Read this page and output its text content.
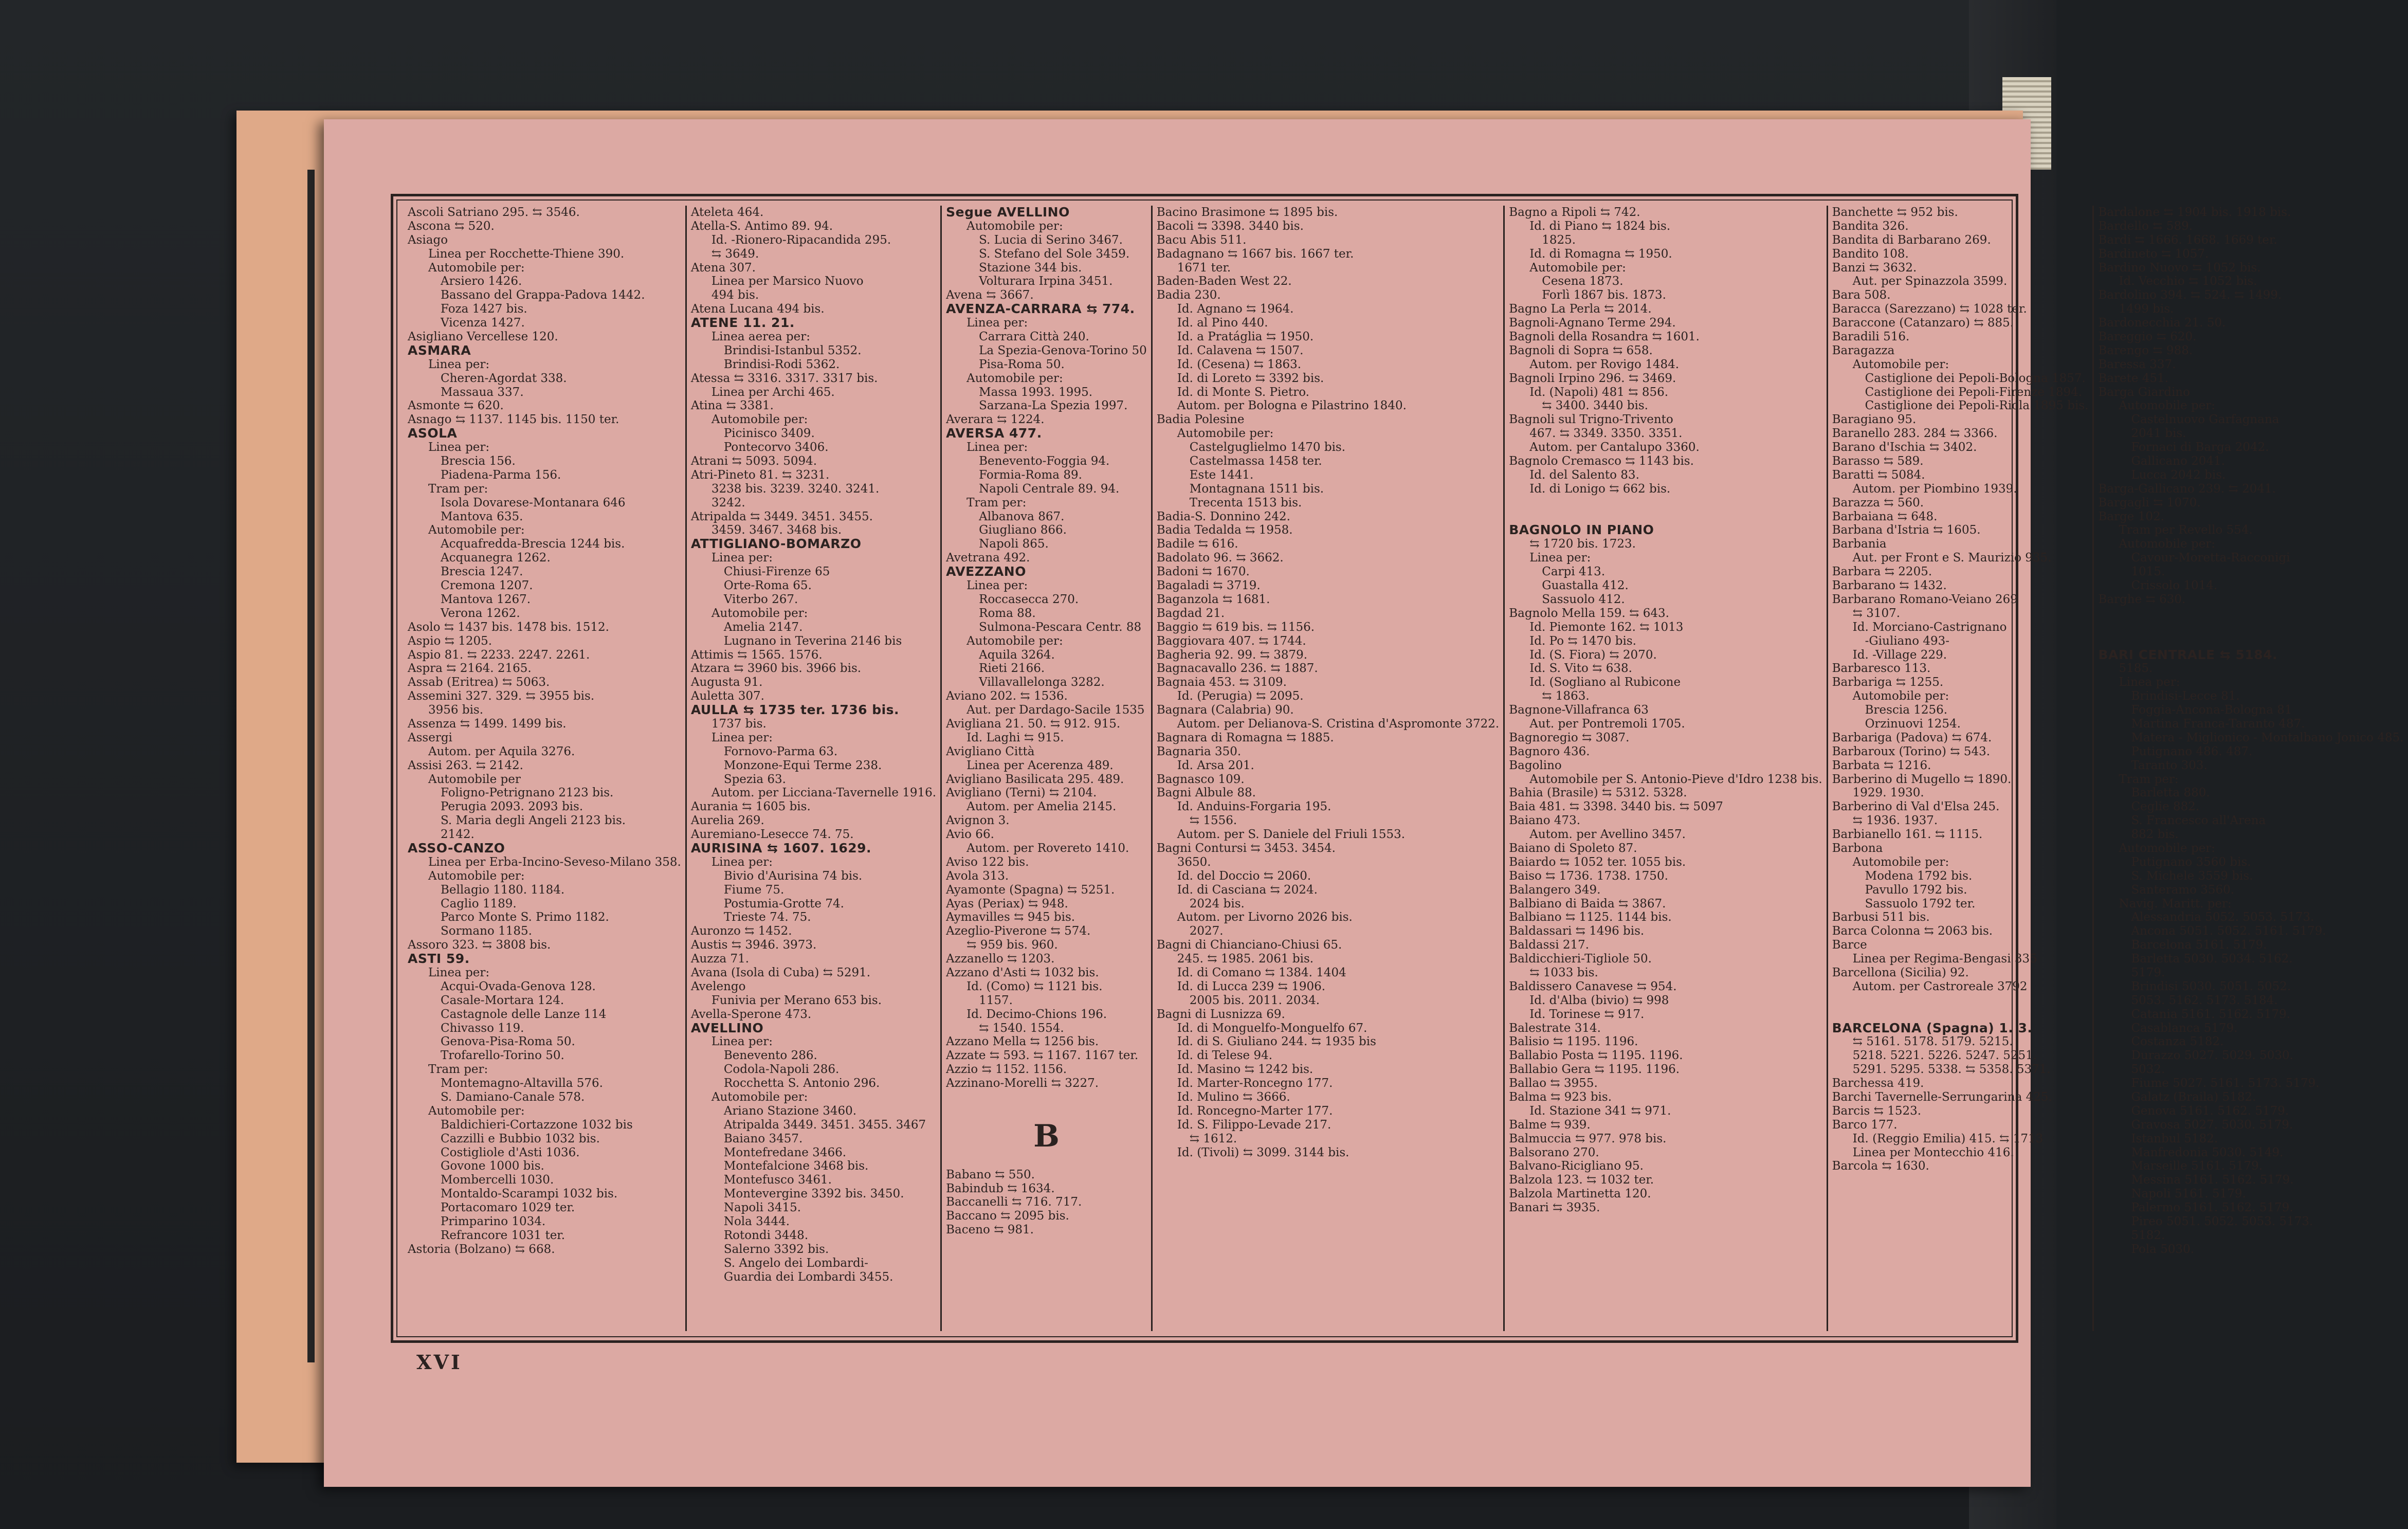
Ascoli Satriano 295. ⇆ 3546.
Ascona ⇆ 520.
Asiago
Linea per Rocchette-Thiene 390.
Automobile per:
Arsiero 1426.
Bassano del Grappa-Padova 1442.
Foza 1427 bis.
Vicenza 1427.
Asigliano Vercellese 120.
ASMARA
Linea per:
Cheren-Agordat 338.
Massaua 337.
Asmonte ⇆ 620.
Asnago ⇆ 1137. 1145 bis. 1150 ter.
ASOLA
Linea per:
Brescia 156.
Piadena-Parma 156.
Tram per:
Isola Dovarese-Montanara 646
Mantova 635.
Automobile per:
Acquafredda-Brescia 1244 bis.
Acquanegra 1262.
Brescia 1247.
Cremona 1207.
Mantova 1267.
Verona 1262.
Asolo ⇆ 1437 bis. 1478 bis. 1512.
Aspio ⇆ 1205.
Aspio 81. ⇆ 2233. 2247. 2261.
Aspra ⇆ 2164. 2165.
Assab (Eritrea) ⇆ 5063.
Assemini 327. 329. ⇆ 3955 bis.
3956 bis.
Assenza ⇆ 1499. 1499 bis.
Assergi
Autom. per Aquila 3276.
Assisi 263. ⇆ 2142.
Automobile per
Foligno-Petrignano 2123 bis.
Perugia 2093. 2093 bis.
S. Maria degli Angeli 2123 bis.
2142.
ASSO-CANZO
Linea per Erba-Incino-Seveso-Milano 358.
Automobile per:
Bellagio 1180. 1184.
Caglio 1189.
Parco Monte S. Primo 1182.
Sormano 1185.
Assoro 323. ⇆ 3808 bis.
ASTI 59.
Linea per:
Acqui-Ovada-Genova 128.
Casale-Mortara 124.
Castagnole delle Lanze 114
Chivasso 119.
Genova-Pisa-Roma 50.
Trofarello-Torino 50.
Tram per:
Montemagno-Altavilla 576.
S. Damiano-Canale 578.
Automobile per:
Baldichieri-Cortazzone 1032 bis
Cazzilli e Bubbio 1032 bis.
Costigliole d'Asti 1036.
Govone 1000 bis.
Mombercelli 1030.
Montaldo-Scarampi 1032 bis.
Portacomaro 1029 ter.
Primparino 1034.
Refrancore 1031 ter.
Astoria (Bolzano) ⇆ 668.
Ateleta 464.
Atella-S. Antimo 89. 94.
Id. -Rionero-Ripacandida 295.
⇆ 3649.
Atena 307.
Linea per Marsico Nuovo
494 bis.
Atena Lucana 494 bis.
ATENE 11. 21.
Linea aerea per:
Brindisi-Istanbul 5352.
Brindisi-Rodi 5362.
Atessa ⇆ 3316. 3317. 3317 bis.
Linea per Archi 465.
Atina ⇆ 3381.
Automobile per:
Picinisco 3409.
Pontecorvo 3406.
Atrani ⇆ 5093. 5094.
Atri-Pineto 81. ⇆ 3231.
3238 bis. 3239. 3240. 3241.
3242.
Atripalda ⇆ 3449. 3451. 3455.
3459. 3467. 3468 bis.
ATTIGLIANO-BOMARZO
Linea per:
Chiusi-Firenze 65
Orte-Roma 65.
Viterbo 267.
Automobile per:
Amelia 2147.
Lugnano in Teverina 2146 bis
Attimis ⇆ 1565. 1576.
Atzara ⇆ 3960 bis. 3966 bis.
Augusta 91.
Auletta 307.
AULLA ⇆ 1735 ter. 1736 bis.
1737 bis.
Linea per:
Fornovo-Parma 63.
Monzone-Equi Terme 238.
Spezia 63.
Autom. per Licciana-Tavernelle 1916.
Aurania ⇆ 1605 bis.
Aurelia 269.
Auremiano-Lesecce 74. 75.
AURISINA ⇆ 1607. 1629.
Linea per:
Bivio d'Aurisina 74 bis.
Fiume 75.
Postumia-Grotte 74.
Trieste 74. 75.
Auronzo ⇆ 1452.
Austis ⇆ 3946. 3973.
Auzza 71.
Avana (Isola di Cuba) ⇆ 5291.
Avelengo
Funivia per Merano 653 bis.
Avella-Sperone 473.
AVELLINO
Linea per:
Benevento 286.
Codola-Napoli 286.
Rocchetta S. Antonio 296.
Automobile per:
Ariano Stazione 3460.
Atripalda 3449. 3451. 3455. 3467
Baiano 3457.
Montefredane 3466.
Montefalcione 3468 bis.
Montefusco 3461.
Montevergine 3392 bis. 3450.
Napoli 3415.
Nola 3444.
Rotondi 3448.
Salerno 3392 bis.
S. Angelo dei Lombardi-
Guardia dei Lombardi 3455.
Segue AVELLINO
Automobile per:
S. Lucia di Serino 3467.
S. Stefano del Sole 3459.
Stazione 344 bis.
Volturara Irpina 3451.
Avena ⇆ 3667.
AVENZA-CARRARA ⇆ 774.
Linea per:
Carrara Città 240.
La Spezia-Genova-Torino 50
Pisa-Roma 50.
Automobile per:
Massa 1993. 1995.
Sarzana-La Spezia 1997.
Averara ⇆ 1224.
AVERSA 477.
Linea per:
Benevento-Foggia 94.
Formia-Roma 89.
Napoli Centrale 89. 94.
Tram per:
Albanova 867.
Giugliano 866.
Napoli 865.
Avetrana 492.
AVEZZANO
Linea per:
Roccasecca 270.
Roma 88.
Sulmona-Pescara Centr. 88
Automobile per:
Aquila 3264.
Rieti 2166.
Villavallelonga 3282.
Aviano 202. ⇆ 1536.
Aut. per Dardago-Sacile 1535
Avigliana 21. 50. ⇆ 912. 915.
Id. Laghi ⇆ 915.
Avigliano Città
Linea per Acerenza 489.
Avigliano Basilicata 295. 489.
Avigliano (Terni) ⇆ 2104.
Autom. per Amelia 2145.
Avignon 3.
Avio 66.
Autom. per Rovereto 1410.
Aviso 122 bis.
Avola 313.
Ayamonte (Spagna) ⇆ 5251.
Ayas (Periax) ⇆ 948.
Aymavilles ⇆ 945 bis.
Azeglio-Piverone ⇆ 574.
⇆ 959 bis. 960.
Azzanello ⇆ 1203.
Azzano d'Asti ⇆ 1032 bis.
Id. (Como) ⇆ 1121 bis.
1157.
Id. Decimo-Chions 196.
⇆ 1540. 1554.
Azzano Mella ⇆ 1256 bis.
Azzate ⇆ 593. ⇆ 1167. 1167 ter.
Azzio ⇆ 1152. 1156.
Azzinano-Morelli ⇆ 3227.
B
Babano ⇆ 550.
Babindub ⇆ 1634.
Baccanelli ⇆ 716. 717.
Baccano ⇆ 2095 bis.
Baceno ⇆ 981.
Bacino Brasimone ⇆ 1895 bis.
Bacoli ⇆ 3398. 3440 bis.
Bacu Abis 511.
Badagnano ⇆ 1667 bis. 1667 ter.
1671 ter.
Baden-Baden West 22.
Badia 230.
Id. Agnano ⇆ 1964.
Id. al Pino 440.
Id. a Pratáglia ⇆ 1950.
Id. Calavena ⇆ 1507.
Id. (Cesena) ⇆ 1863.
Id. di Loreto ⇆ 3392 bis.
Id. di Monte S. Pietro.
Autom. per Bologna e Pilastrino 1840.
Badia Polesine
Automobile per:
Castelguglielmo 1470 bis.
Castelmassa 1458 ter.
Este 1441.
Montagnana 1511 bis.
Trecenta 1513 bis.
Badia-S. Donnino 242.
Badia Tedalda ⇆ 1958.
Badile ⇆ 616.
Badolato 96. ⇆ 3662.
Badoni ⇆ 1670.
Bagaladi ⇆ 3719.
Baganzola ⇆ 1681.
Bagdad 21.
Baggio ⇆ 619 bis. ⇆ 1156.
Baggiovara 407. ⇆ 1744.
Bagheria 92. 99. ⇆ 3879.
Bagnacavallo 236. ⇆ 1887.
Bagnaia 453. ⇆ 3109.
Id. (Perugia) ⇆ 2095.
Bagnara (Calabria) 90.
Autom. per Delianova-S. Cristina d'Aspromonte 3722.
Bagnara di Romagna ⇆ 1885.
Bagnaria 350.
Id. Arsa 201.
Bagnasco 109.
Bagni Albule 88.
Id. Anduins-Forgaria 195.
⇆ 1556.
Autom. per S. Daniele del Friuli 1553.
Bagni Contursi ⇆ 3453. 3454.
3650.
Id. del Doccio ⇆ 2060.
Id. di Casciana ⇆ 2024.
2024 bis.
Autom. per Livorno 2026 bis.
2027.
Bagni di Chianciano-Chiusi 65.
245. ⇆ 1985. 2061 bis.
Id. di Comano ⇆ 1384. 1404
Id. di Lucca 239 ⇆ 1906.
2005 bis. 2011. 2034.
Bagni di Lusnizza 69.
Id. di Monguelfo-Monguelfo 67.
Id. di S. Giuliano 244. ⇆ 1935 bis
Id. di Telese 94.
Id. Masino ⇆ 1242 bis.
Id. Marter-Roncegno 177.
Id. Mulino ⇆ 3666.
Id. Roncegno-Marter 177.
Id. S. Filippo-Levade 217.
⇆ 1612.
Id. (Tivoli) ⇆ 3099. 3144 bis.
Bagno a Ripoli ⇆ 742.
Id. di Piano ⇆ 1824 bis.
1825.
Id. di Romagna ⇆ 1950.
Automobile per:
Cesena 1873.
Forlì 1867 bis. 1873.
Bagno La Perla ⇆ 2014.
Bagnoli-Agnano Terme 294.
Bagnoli della Rosandra ⇆ 1601.
Bagnoli di Sopra ⇆ 658.
Autom. per Rovigo 1484.
Bagnoli Irpino 296. ⇆ 3469.
Id. (Napoli) 481 ⇆ 856.
⇆ 3400. 3440 bis.
Bagnoli sul Trigno-Trivento
467. ⇆ 3349. 3350. 3351.
Autom. per Cantalupo 3360.
Bagnolo Cremasco ⇆ 1143 bis.
Id. del Salento 83.
Id. di Lonigo ⇆ 662 bis.
BAGNOLO IN PIANO
⇆ 1720 bis. 1723.
Linea per:
Carpi 413.
Guastalla 412.
Sassuolo 412.
Bagnolo Mella 159. ⇆ 643.
Id. Piemonte 162. ⇆ 1013
Id. Po ⇆ 1470 bis.
Id. (S. Fiora) ⇆ 2070.
Id. S. Vito ⇆ 638.
Id. (Sogliano al Rubicone
⇆ 1863.
Bagnone-Villafranca 63
Aut. per Pontremoli 1705.
Bagnoregio ⇆ 3087.
Bagnoro 436.
Bagolino
Automobile per S. Antonio-Pieve d'Idro 1238 bis.
Bahia (Brasile) ⇆ 5312. 5328.
Baia 481. ⇆ 3398. 3440 bis. ⇆ 5097
Baiano 473.
Autom. per Avellino 3457.
Baiano di Spoleto 87.
Baiardo ⇆ 1052 ter. 1055 bis.
Baiso ⇆ 1736. 1738. 1750.
Balangero 349.
Balbiano di Baida ⇆ 3867.
Balbiano ⇆ 1125. 1144 bis.
Baldassari ⇆ 1496 bis.
Baldassi 217.
Baldicchieri-Tigliole 50.
⇆ 1033 bis.
Baldissero Canavese ⇆ 954.
Id. d'Alba (bivio) ⇆ 998
Id. Torinese ⇆ 917.
Balestrate 314.
Balisio ⇆ 1195. 1196.
Ballabio Posta ⇆ 1195. 1196.
Ballabio Gera ⇆ 1195. 1196.
Ballao ⇆ 3955.
Balma ⇆ 923 bis.
Id. Stazione 341 ⇆ 971.
Balme ⇆ 939.
Balmuccia ⇆ 977. 978 bis.
Balsorano 270.
Balvano-Ricigliano 95.
Balzola 123. ⇆ 1032 ter.
Balzola Martinetta 120.
Banari ⇆ 3935.
Banchette ⇆ 952 bis.
Bandita 326.
Bandita di Barbarano 269.
Bandito 108.
Banzi ⇆ 3632.
Aut. per Spinazzola 3599.
Bara 508.
Baracca (Sarezzano) ⇆ 1028 ter.
Baraccone (Catanzaro) ⇆ 885.
Baradili 516.
Baragazza
Automobile per:
Castiglione dei Pepoli-Bologna 1857.
Castiglione dei Pepoli-Firenze 1894.
Castiglione dei Pepoli-Riola 1895 bis.
Baragiano 95.
Baranello 283. 284 ⇆ 3366.
Barano d'Ischia ⇆ 3402.
Barasso ⇆ 589.
Baratti ⇆ 5084.
Autom. per Piombino 1939.
Barazza ⇆ 560.
Barbaiana ⇆ 648.
Barbana d'Istria ⇆ 1605.
Barbania
Aut. per Front e S. Maurizio 935.
Barbara ⇆ 2205.
Barbarano ⇆ 1432.
Barbarano Romano-Veiano 269
⇆ 3107.
Id. Morciano-Castrignano
-Giuliano 493-
Id. -Village 229.
Barbaresco 113.
Barbariga ⇆ 1255.
Automobile per:
Brescia 1256.
Orzinuovi 1254.
Barbariga (Padova) ⇆ 674.
Barbaroux (Torino) ⇆ 543.
Barbata ⇆ 1216.
Barberino di Mugello ⇆ 1890.
1929. 1930.
Barberino di Val d'Elsa 245.
⇆ 1936. 1937.
Barbianello 161. ⇆ 1115.
Barbona
Automobile per:
Modena 1792 bis.
Pavullo 1792 bis.
Sassuolo 1792 ter.
Barbusi 511 bis.
Barca Colonna ⇆ 2063 bis.
Barce
Linea per Regima-Bengasi 335
Barcellona (Sicilia) 92.
Autom. per Castroreale 3792
BARCELONA (Spagna) 1. 3.
⇆ 5161. 5178. 5179. 5215.
5218. 5221. 5226. 5247. 5251.
5291. 5295. 5338. ⇆ 5358. 5371.
Barchessa 419.
Barchi Tavernelle-Serrungarina 425.
Barcis ⇆ 1523.
Barco 177.
Id. (Reggio Emilia) 415. ⇆ 1713
Linea per Montecchio 416.
Barcola ⇆ 1630.
Bardalone ⇆ 1904 bis. 1918 bis.
Bardello ⇆ 589.
Bardi ⇆ 1666. 1668. 1669 ter.
Bardineto ⇆ 1057.
Bardino Nuovo ⇆ 1052 bis.
Id. Vecchio ⇆ 1052 bis.
Bardolino 394. ⇆ 524. ⇆ 1499.
1499 bis.
Bardonecchia 21. 50.
Bareggio ⇆ 620.
Barengo ⇆ 988.
Baressa 337.
Barete 451.
Barga Giardino
Automobile per:
Castelnuovo Garfagnana
2041 bis.
Fornaci di Barga 2042.
Gallicano 2041.
Lucca 2042 bis.
Barga-Gallicano 239. ⇆ 2041.
Bargagli ⇆ 1070.
Barge 102.
Tram per Revello 554.
Automobile per:
Cavour-Moretta-Racconigi
1015.
Crissolo 1014.
Barghe ⇆ 630.
BARI CENTRALE ⇆ 5184.
5185.
Linea per:
Brindisi-Lecce 81.
Foggia-Ancona-Bologna 81
Martina Franca-Taranto 487.
Matera - Miglionico - Montalbano Jonico 485.
Putignano 486. 487.
Taranto 303.
Tram per:
Barletta 880.
Ceglie 882.
S. Francesco all'Arena
882 bis.
Automobile per:
Putignano 3560 bis.
S. Michele 3559 bis.
Santeramo 3560.
Navig. Maritt. per:
Alessandria 5052. 5053. 5173.
Ancona 5051. 5052. 5161. 5179.
Barcelona 5161. 5179.
Barletta 5030. 5034. 5162.
5179.
Brindisi 5030. 5051. 5052.
5053. 5162. 5173. 5184.
Catania 5161. 5162. 5179.
Casablanca 5179.
Costanza 5182.
Durazzo 5027. 5029. 5030.
5032.
Fiume 5027. 5161. 5173. 5179.
Galatz (Braila) 5182.
Genova 5161. 5162. 5179.
Gravosa 5027. 5030. 5179.
Istanbul 5182.
Manfredonia 5030. 5149.
Marseille 5161. 5179.
Messina 5161. 5162. 5179.
Napoli 5161. 5179.
Palermo 5161. 5162. 5179.
Pireo 5051. 5052. 5053. 5173.
5182.
Pola 5030.
XVI
